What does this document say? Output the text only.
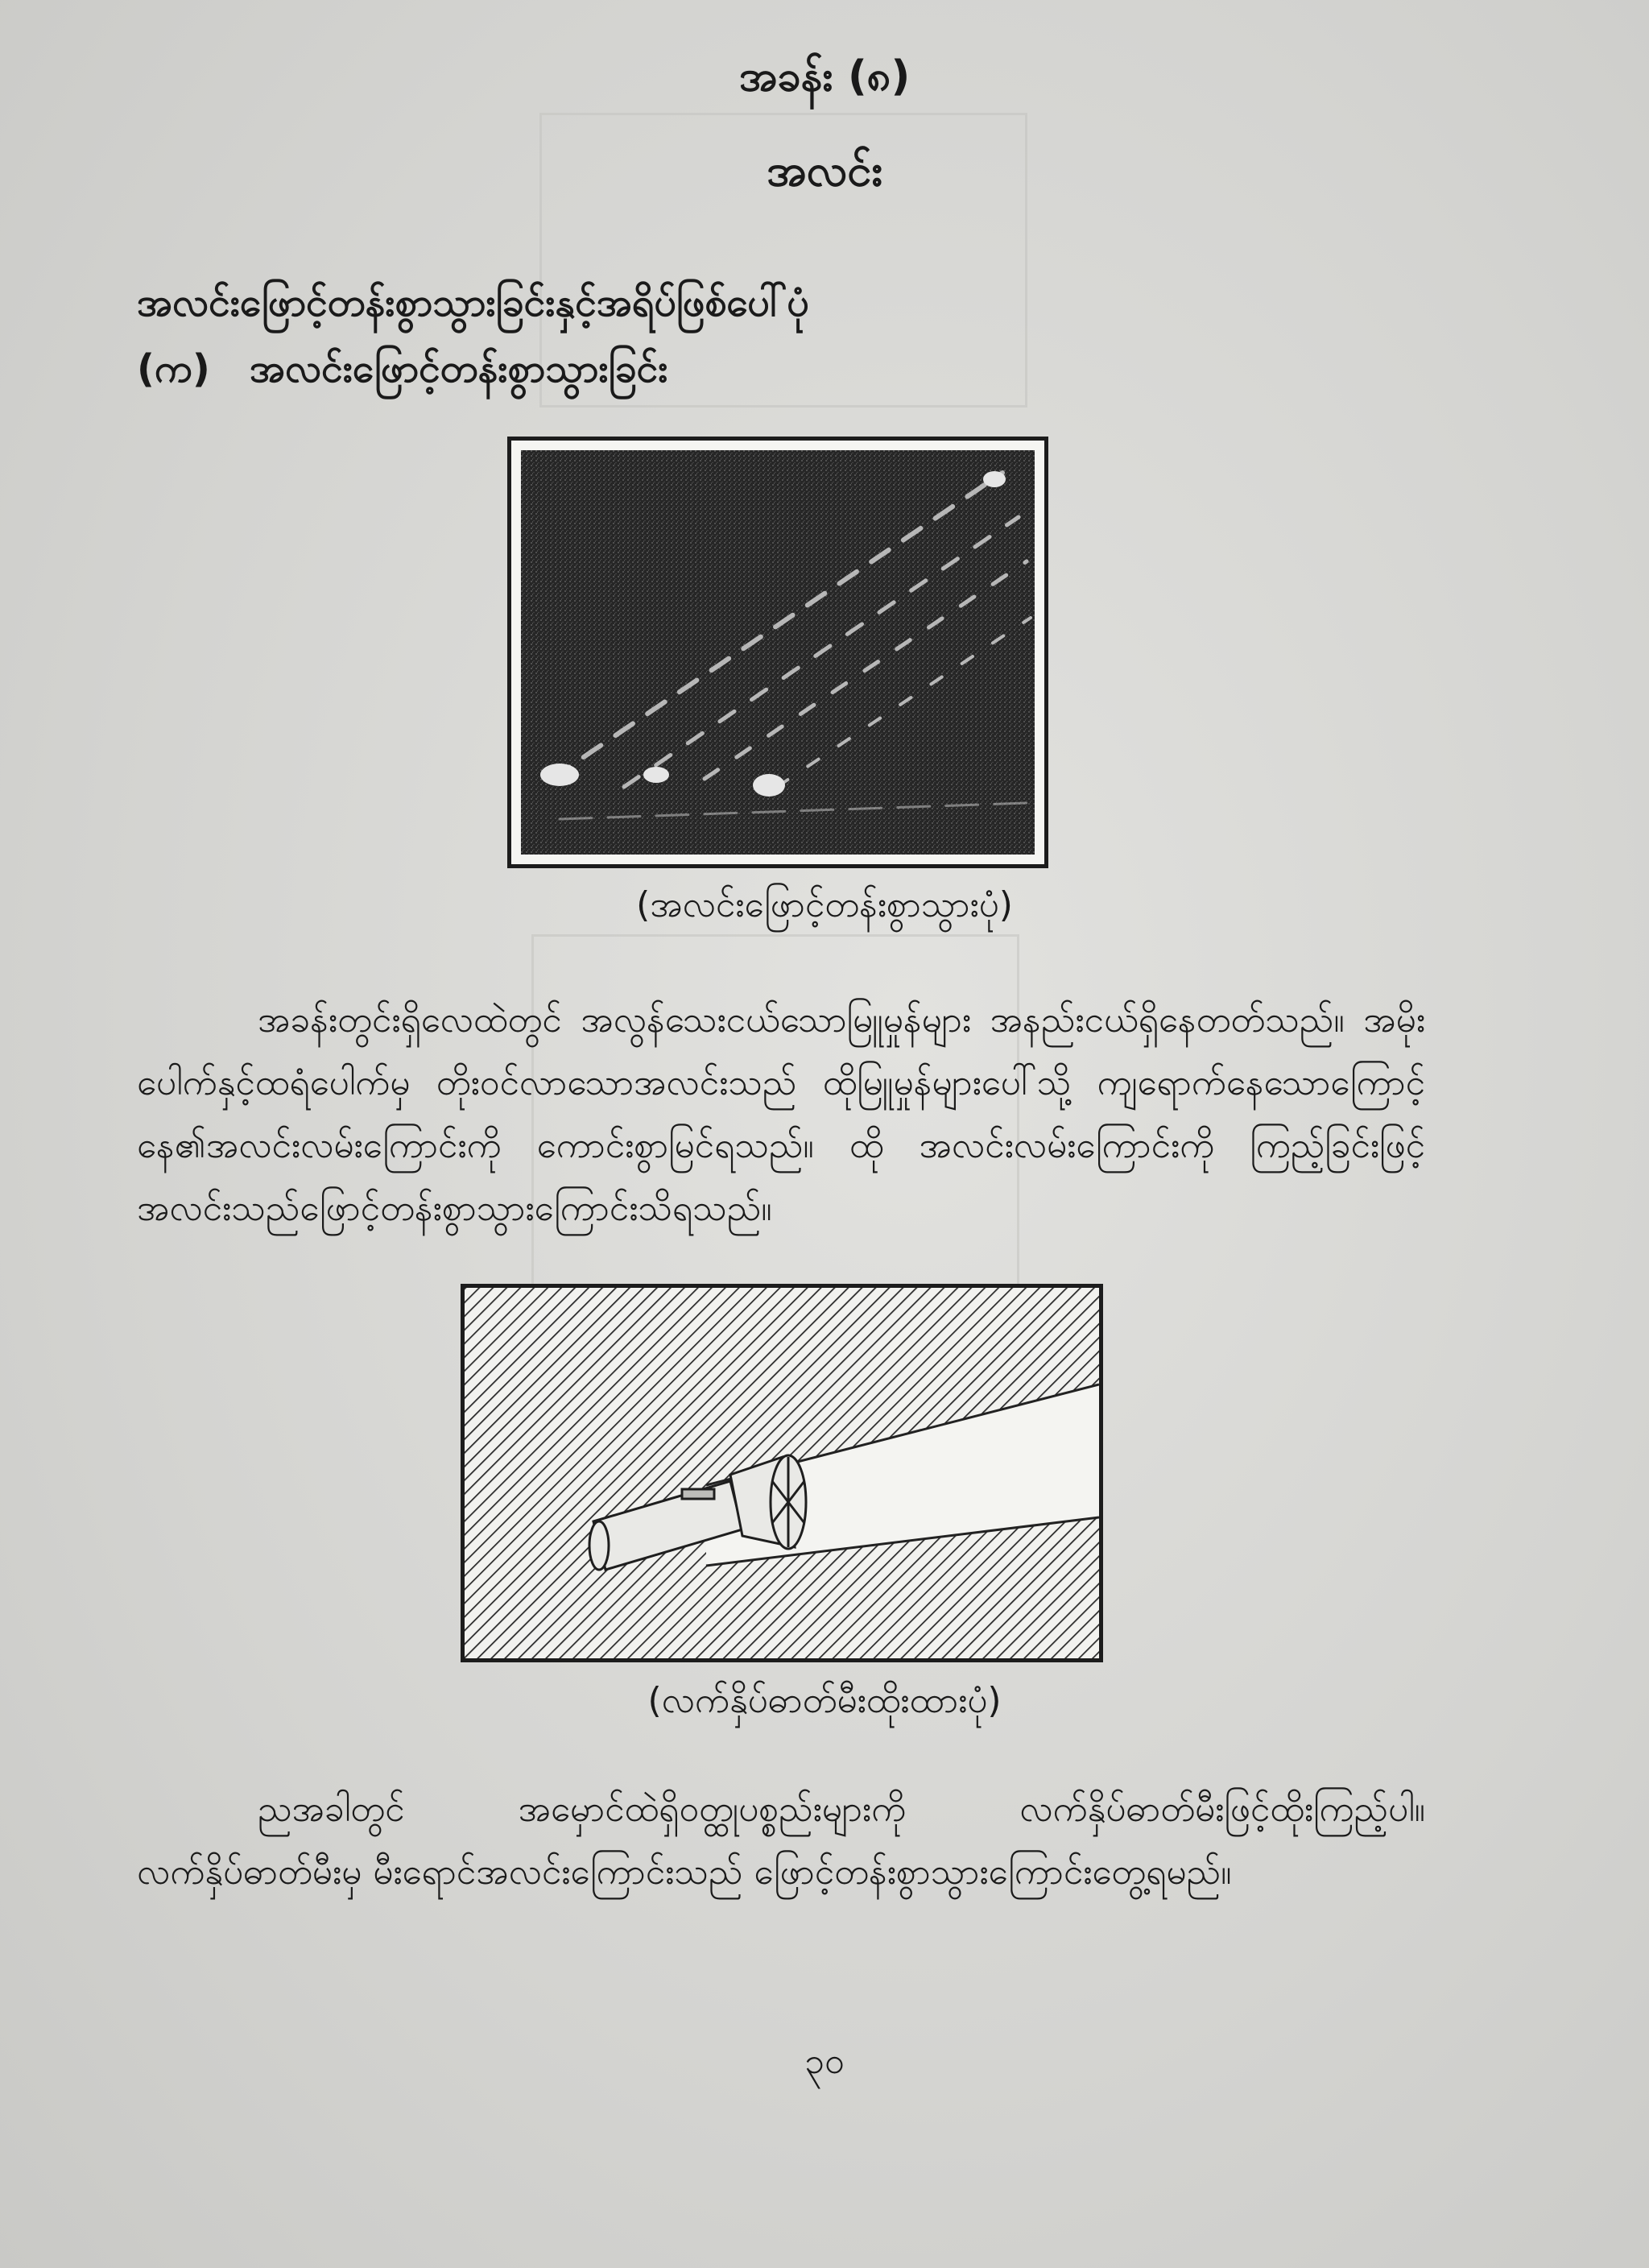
အခန်း (၈)
အလင်း
အလင်းဖြောင့်တန်းစွာသွားခြင်းနှင့်အရိပ်ဖြစ်ပေါ်ပုံ
(က) အလင်းဖြောင့်တန်းစွာသွားခြင်း
(အလင်းဖြောင့်တန်းစွာသွားပုံ)
အခန်းတွင်းရှိလေထဲတွင် အလွန်သေးငယ်သောမြူမှုန်များ အနည်းငယ်ရှိနေတတ်သည်။ အမိုးပေါက်နှင့်ထရံပေါက်မှ တိုးဝင်လာသောအလင်းသည် ထိုမြူမှုန်များပေါ်သို့ ကျရောက်နေသောကြောင့် နေ၏အလင်းလမ်းကြောင်းကို ကောင်းစွာမြင်ရသည်။ ထို အလင်းလမ်းကြောင်းကို ကြည့်ခြင်းဖြင့် အလင်းသည်ဖြောင့်တန်းစွာသွားကြောင်းသိရသည်။
(လက်နှိပ်ဓာတ်မီးထိုးထားပုံ)
ညအခါတွင် အမှောင်ထဲရှိဝတ္ထုပစ္စည်းများကို လက်နှိပ်ဓာတ်မီးဖြင့်ထိုးကြည့်ပါ။ လက်နှိပ်ဓာတ်မီးမှ မီးရောင်အလင်းကြောင်းသည် ဖြောင့်တန်းစွာသွားကြောင်းတွေ့ရမည်။
၃၀
